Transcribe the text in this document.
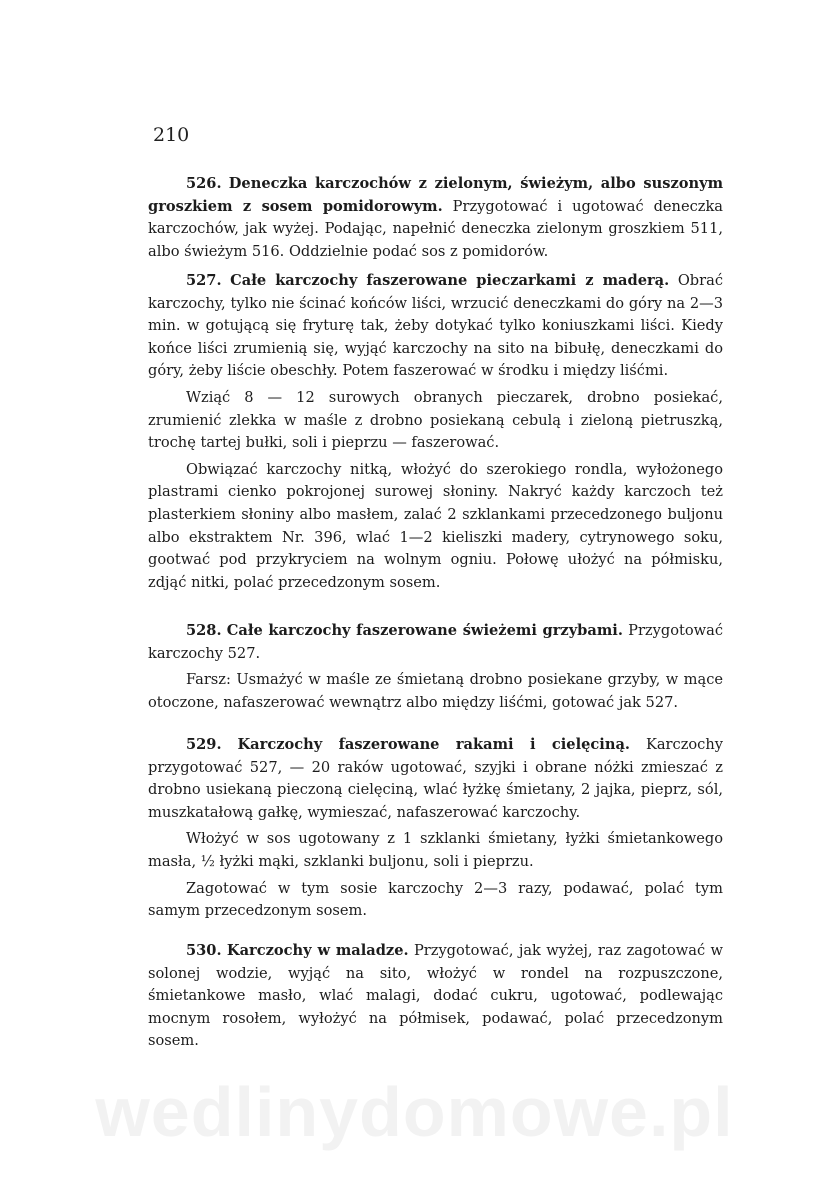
210

526. Deneczka karczochów z zielonym, świeżym, albo suszonym groszkiem z sosem pomidorowym. Przygotować i ugotować deneczka karczochów, jak wyżej. Podając, napełnić deneczka zielonym groszkiem 511, albo świeżym 516. Oddzielnie podać sos z pomidorów.

527. Całe karczochy faszerowane pieczarkami z maderą. Obrać karczochy, tylko nie ścinać końców liści, wrzucić deneczkami do góry na 2—3 min. w gotującą się fryturę tak, żeby dotykać tylko koniuszkami liści. Kiedy końce liści zrumienią się, wyjąć karczochy na sito na bibułę, deneczkami do góry, żeby liście obeschły. Potem faszerować w środku i między liśćmi.

Wziąć 8 — 12 surowych obranych pieczarek, drobno posiekać, zrumienić zlekka w maśle z drobno posiekaną cebulą i zieloną pietruszką, trochę tartej bułki, soli i pieprzu — faszerować.

Obwiązać karczochy nitką, włożyć do szerokiego rondla, wyłożonego plastrami cienko pokrojonej surowej słoniny. Nakryć każdy karczoch też plasterkiem słoniny albo masłem, zalać 2 szklankami przecedzonego buljonu albo ekstraktem Nr. 396, wlać 1—2 kieliszki madery, cytrynowego soku, gootwać pod przykryciem na wolnym ogniu. Połowę ułożyć na półmisku, zdjąć nitki, polać przecedzonym sosem.

528. Całe karczochy faszerowane świeżemi grzybami. Przygotować karczochy 527.

Farsz: Usmażyć w maśle ze śmietaną drobno posiekane grzyby, w mące otoczone, nafaszerować wewnątrz albo między liśćmi, gotować jak 527.

529. Karczochy faszerowane rakami i cielęciną. Karczochy przygotować 527, — 20 raków ugotować, szyjki i obrane nóżki zmieszać z drobno usiekaną pieczoną cielęciną, wlać łyżkę śmietany, 2 jajka, pieprz, sól, muszkatałową gałkę, wymieszać, nafaszerować karczochy.

Włożyć w sos ugotowany z 1 szklanki śmietany, łyżki śmietankowego masła, ½ łyżki mąki, szklanki buljonu, soli i pieprzu.

Zagotować w tym sosie karczochy 2—3 razy, podawać, polać tym samym przecedzonym sosem.

530. Karczochy w maladze. Przygotować, jak wyżej, raz zagotować w solonej wodzie, wyjąć na sito, włożyć w rondel na rozpuszczone, śmietankowe masło, wlać malagi, dodać cukru, ugotować, podlewając mocnym rosołem, wyłożyć na półmisek, podawać, polać przecedzonym sosem.

wedlinydomowe.pl
